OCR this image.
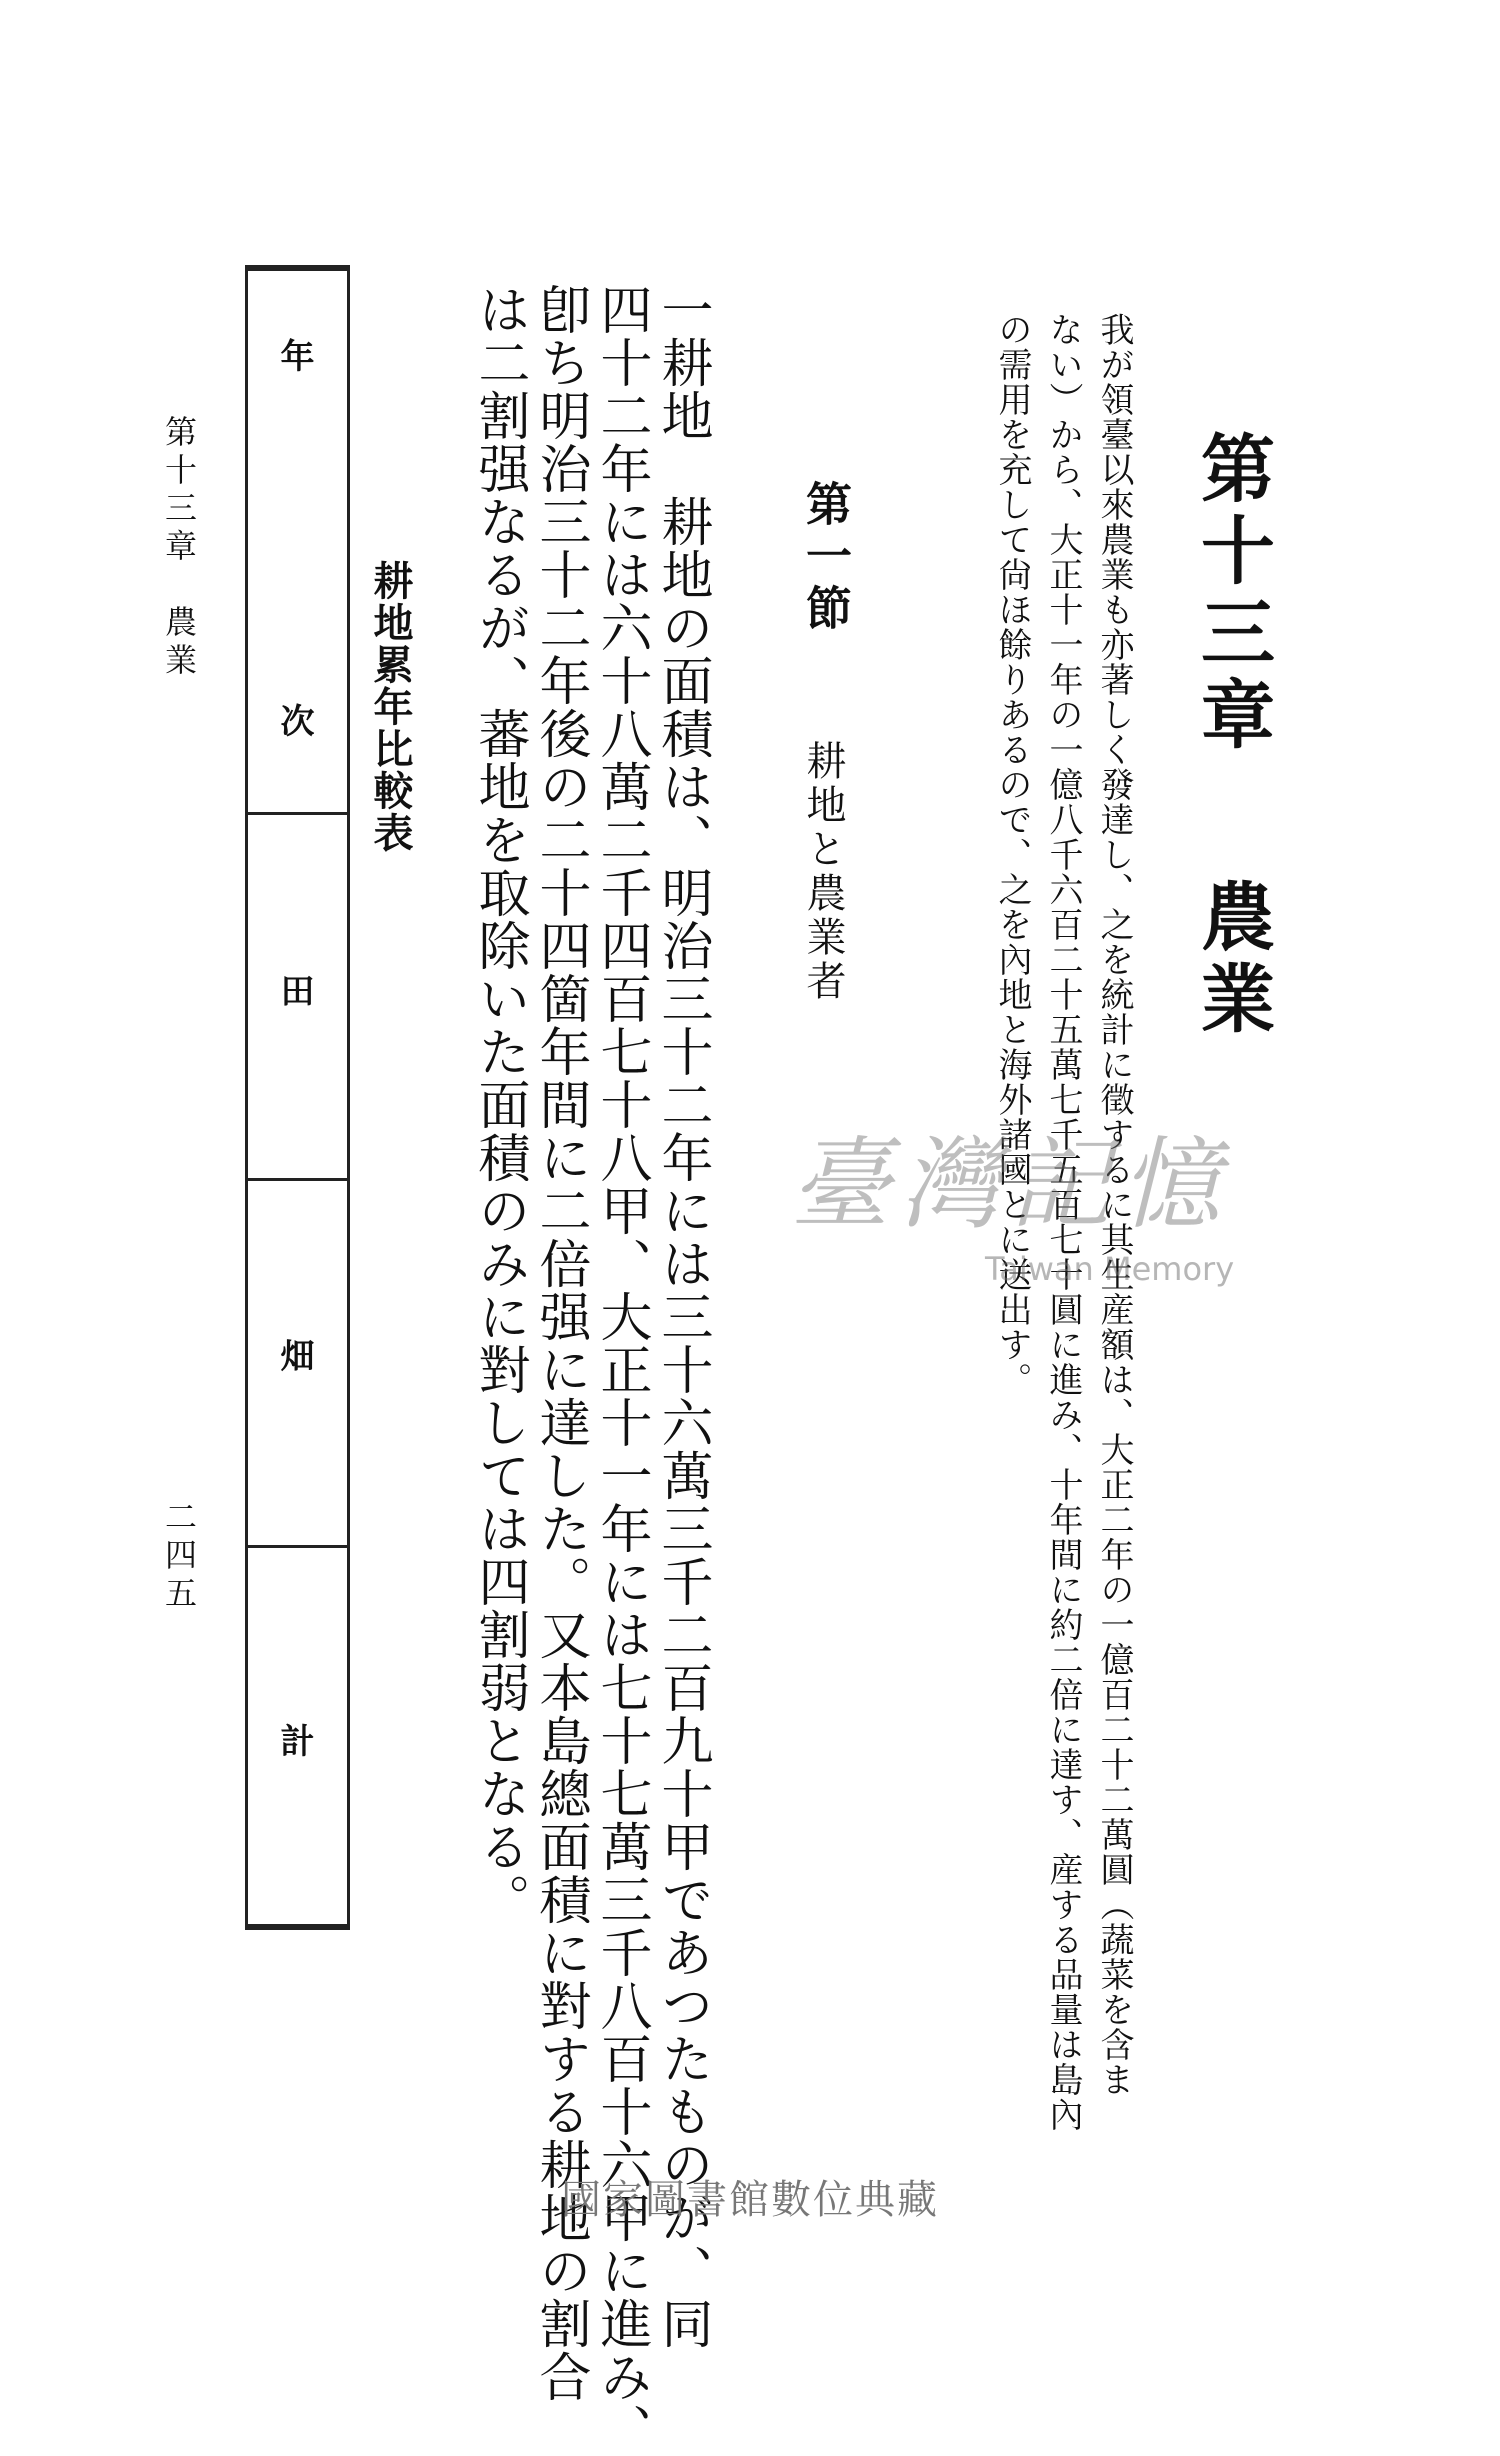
第十三章農業
我が領臺以來農業も亦著しく發達し、之を統計に徵するに其生産額は、大正二年の一億百二十二萬圓（蔬菜を含ま
ない）から、大正十一年の一億八千六百二十五萬七千五百七十圓に進み、十年間に約二倍に達す、産する品量は島內
の需用を充して尙ほ餘りあるので、之を內地と海外諸國とに送出す。
第一節
耕地と農業者
一耕地　耕地の面積は、明治三十二年には三十六萬三千二百九十甲であつたものが、同
四十二年には六十八萬二千四百七十八甲、大正十一年には七十七萬三千八百十六甲に進み、
卽ち明治三十二年後の二十四箇年間に二倍强に達した。又本島總面積に對する耕地の割合
は二割强なるが、蕃地を取除いた面積のみに對しては四割弱となる。
耕地累年比較表
年
次
田
畑
計
第十三章　農業
二四五
臺灣記憶
Taiwan Memory
國家圖書館數位典藏
